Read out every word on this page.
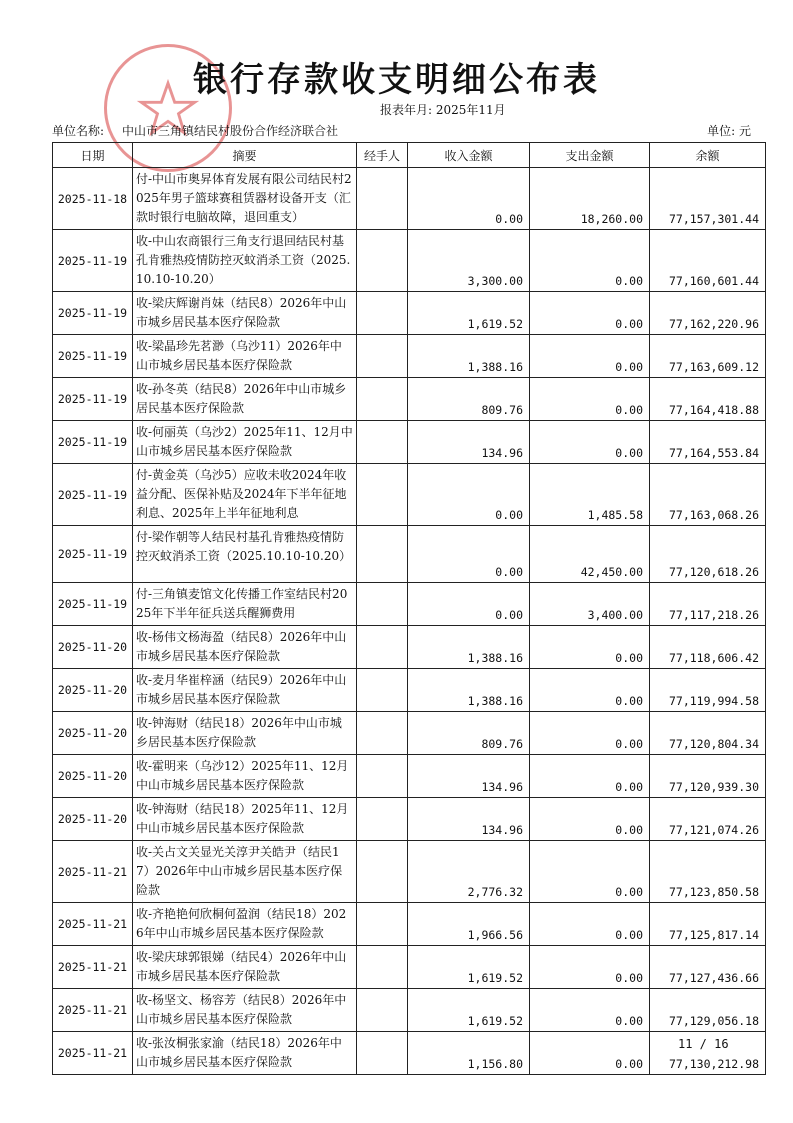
银行存款收支明细公布表
报表年月: 2025年11月
单位名称: 中山市三角镇结民村股份合作经济联合社	单位: 元
日期	摘要	经手人	收入金额	支出金额	余额
2025-11-18	付-中山市奥昇体育发展有限公司结民村2025年男子篮球赛租赁器材设备开支（汇款时银行电脑故障，退回重支）		0.00	18,260.00	77,157,301.44
2025-11-19	收-中山农商银行三角支行退回结民村基孔肯雅热疫情防控灭蚊消杀工资（2025.10.10-10.20）		3,300.00	0.00	77,160,601.44
2025-11-19	收-梁庆辉谢肖妹（结民8）2026年中山市城乡居民基本医疗保险款		1,619.52	0.00	77,162,220.96
2025-11-19	收-梁晶珍先茗渺（乌沙11）2026年中山市城乡居民基本医疗保险款		1,388.16	0.00	77,163,609.12
2025-11-19	收-孙冬英（结民8）2026年中山市城乡居民基本医疗保险款		809.76	0.00	77,164,418.88
2025-11-19	收-何丽英（乌沙2）2025年11、12月中山市城乡居民基本医疗保险款		134.96	0.00	77,164,553.84
2025-11-19	付-黄金英（乌沙5）应收未收2024年收益分配、医保补贴及2024年下半年征地利息、2025年上半年征地利息		0.00	1,485.58	77,163,068.26
2025-11-19	付-梁作朝等人结民村基孔肯雅热疫情防控灭蚊消杀工资（2025.10.10-10.20）		0.00	42,450.00	77,120,618.26
2025-11-19	付-三角镇麦馆文化传播工作室结民村2025年下半年征兵送兵醒狮费用		0.00	3,400.00	77,117,218.26
2025-11-20	收-杨伟文杨海盈（结民8）2026年中山市城乡居民基本医疗保险款		1,388.16	0.00	77,118,606.42
2025-11-20	收-麦月华崔梓涵（结民9）2026年中山市城乡居民基本医疗保险款		1,388.16	0.00	77,119,994.58
2025-11-20	收-钟海财（结民18）2026年中山市城乡居民基本医疗保险款		809.76	0.00	77,120,804.34
2025-11-20	收-霍明来（乌沙12）2025年11、12月中山市城乡居民基本医疗保险款		134.96	0.00	77,120,939.30
2025-11-20	收-钟海财（结民18）2025年11、12月中山市城乡居民基本医疗保险款		134.96	0.00	77,121,074.26
2025-11-21	收-关占文关显光关淳尹关皓尹（结民17）2026年中山市城乡居民基本医疗保险款		2,776.32	0.00	77,123,850.58
2025-11-21	收-齐艳艳何欣桐何盈润（结民18）2026年中山市城乡居民基本医疗保险款		1,966.56	0.00	77,125,817.14
2025-11-21	收-梁庆球郭银娣（结民4）2026年中山市城乡居民基本医疗保险款		1,619.52	0.00	77,127,436.66
2025-11-21	收-杨坚文、杨容芳（结民8）2026年中山市城乡居民基本医疗保险款		1,619.52	0.00	77,129,056.18
2025-11-21	收-张汝桐张家渝（结民18）2026年中山市城乡居民基本医疗保险款		1,156.80	0.00	77,130,212.98
11 / 16
